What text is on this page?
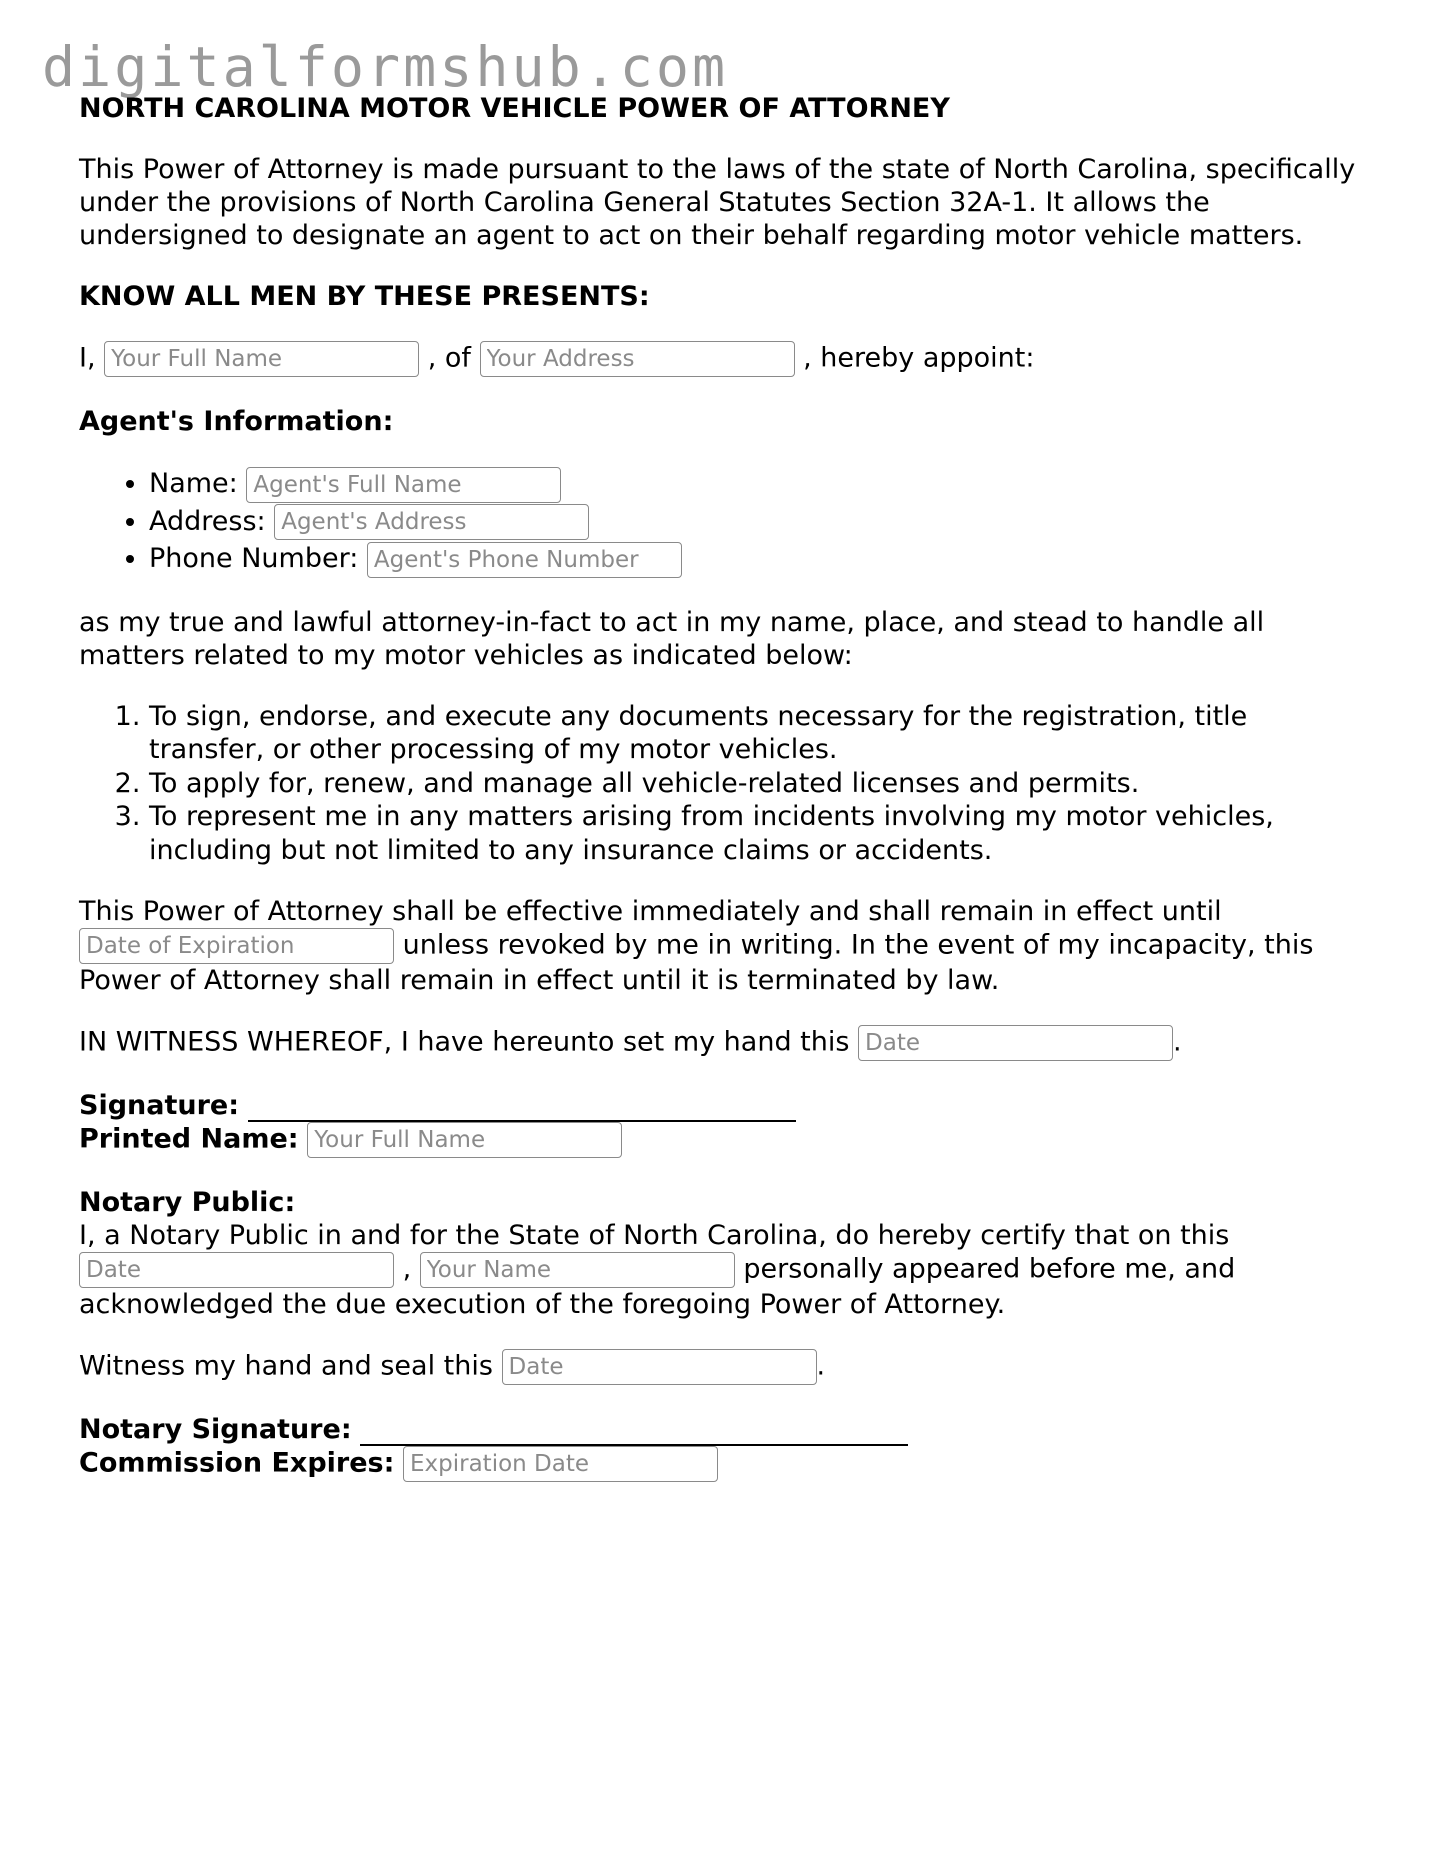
digitalformshub.com
NORTH CAROLINA MOTOR VEHICLE POWER OF ATTORNEY

This Power of Attorney is made pursuant to the laws of the state of North Carolina, specifically under the provisions of North Carolina General Statutes Section 32A-1. It allows the undersigned to designate an agent to act on their behalf regarding motor vehicle matters.

KNOW ALL MEN BY THESE PRESENTS:

I, Your Full Name	, of Your Address	, hereby appoint:

Agent's Information:
• Name: Agent's Full Name
• Address: Agent's Address
• Phone Number: Agent's Phone Number

as my true and lawful attorney-in-fact to act in my name, place, and stead to handle all matters related to my motor vehicles as indicated below:

1. To sign, endorse, and execute any documents necessary for the registration, title transfer, or other processing of my motor vehicles.
2. To apply for, renew, and manage all vehicle-related licenses and permits.
3. To represent me in any matters arising from incidents involving my motor vehicles, including but not limited to any insurance claims or accidents.

This Power of Attorney shall be effective immediately and shall remain in effect until Date of Expiration unless revoked by me in writing. In the event of my incapacity, this Power of Attorney shall remain in effect until it is terminated by law.

IN WITNESS WHEREOF, I have hereunto set my hand this Date	.

Signature:
Printed Name: Your Full Name
Notary Public:
I, a Notary Public in and for the State of North Carolina, do hereby certify that on this Date , Your Name	personally appeared before me, and acknowledged the due execution of the foregoing Power of Attorney.

Witness my hand and seal this Date	.

Notary Signature:
Commission Expires: Expiration Date
